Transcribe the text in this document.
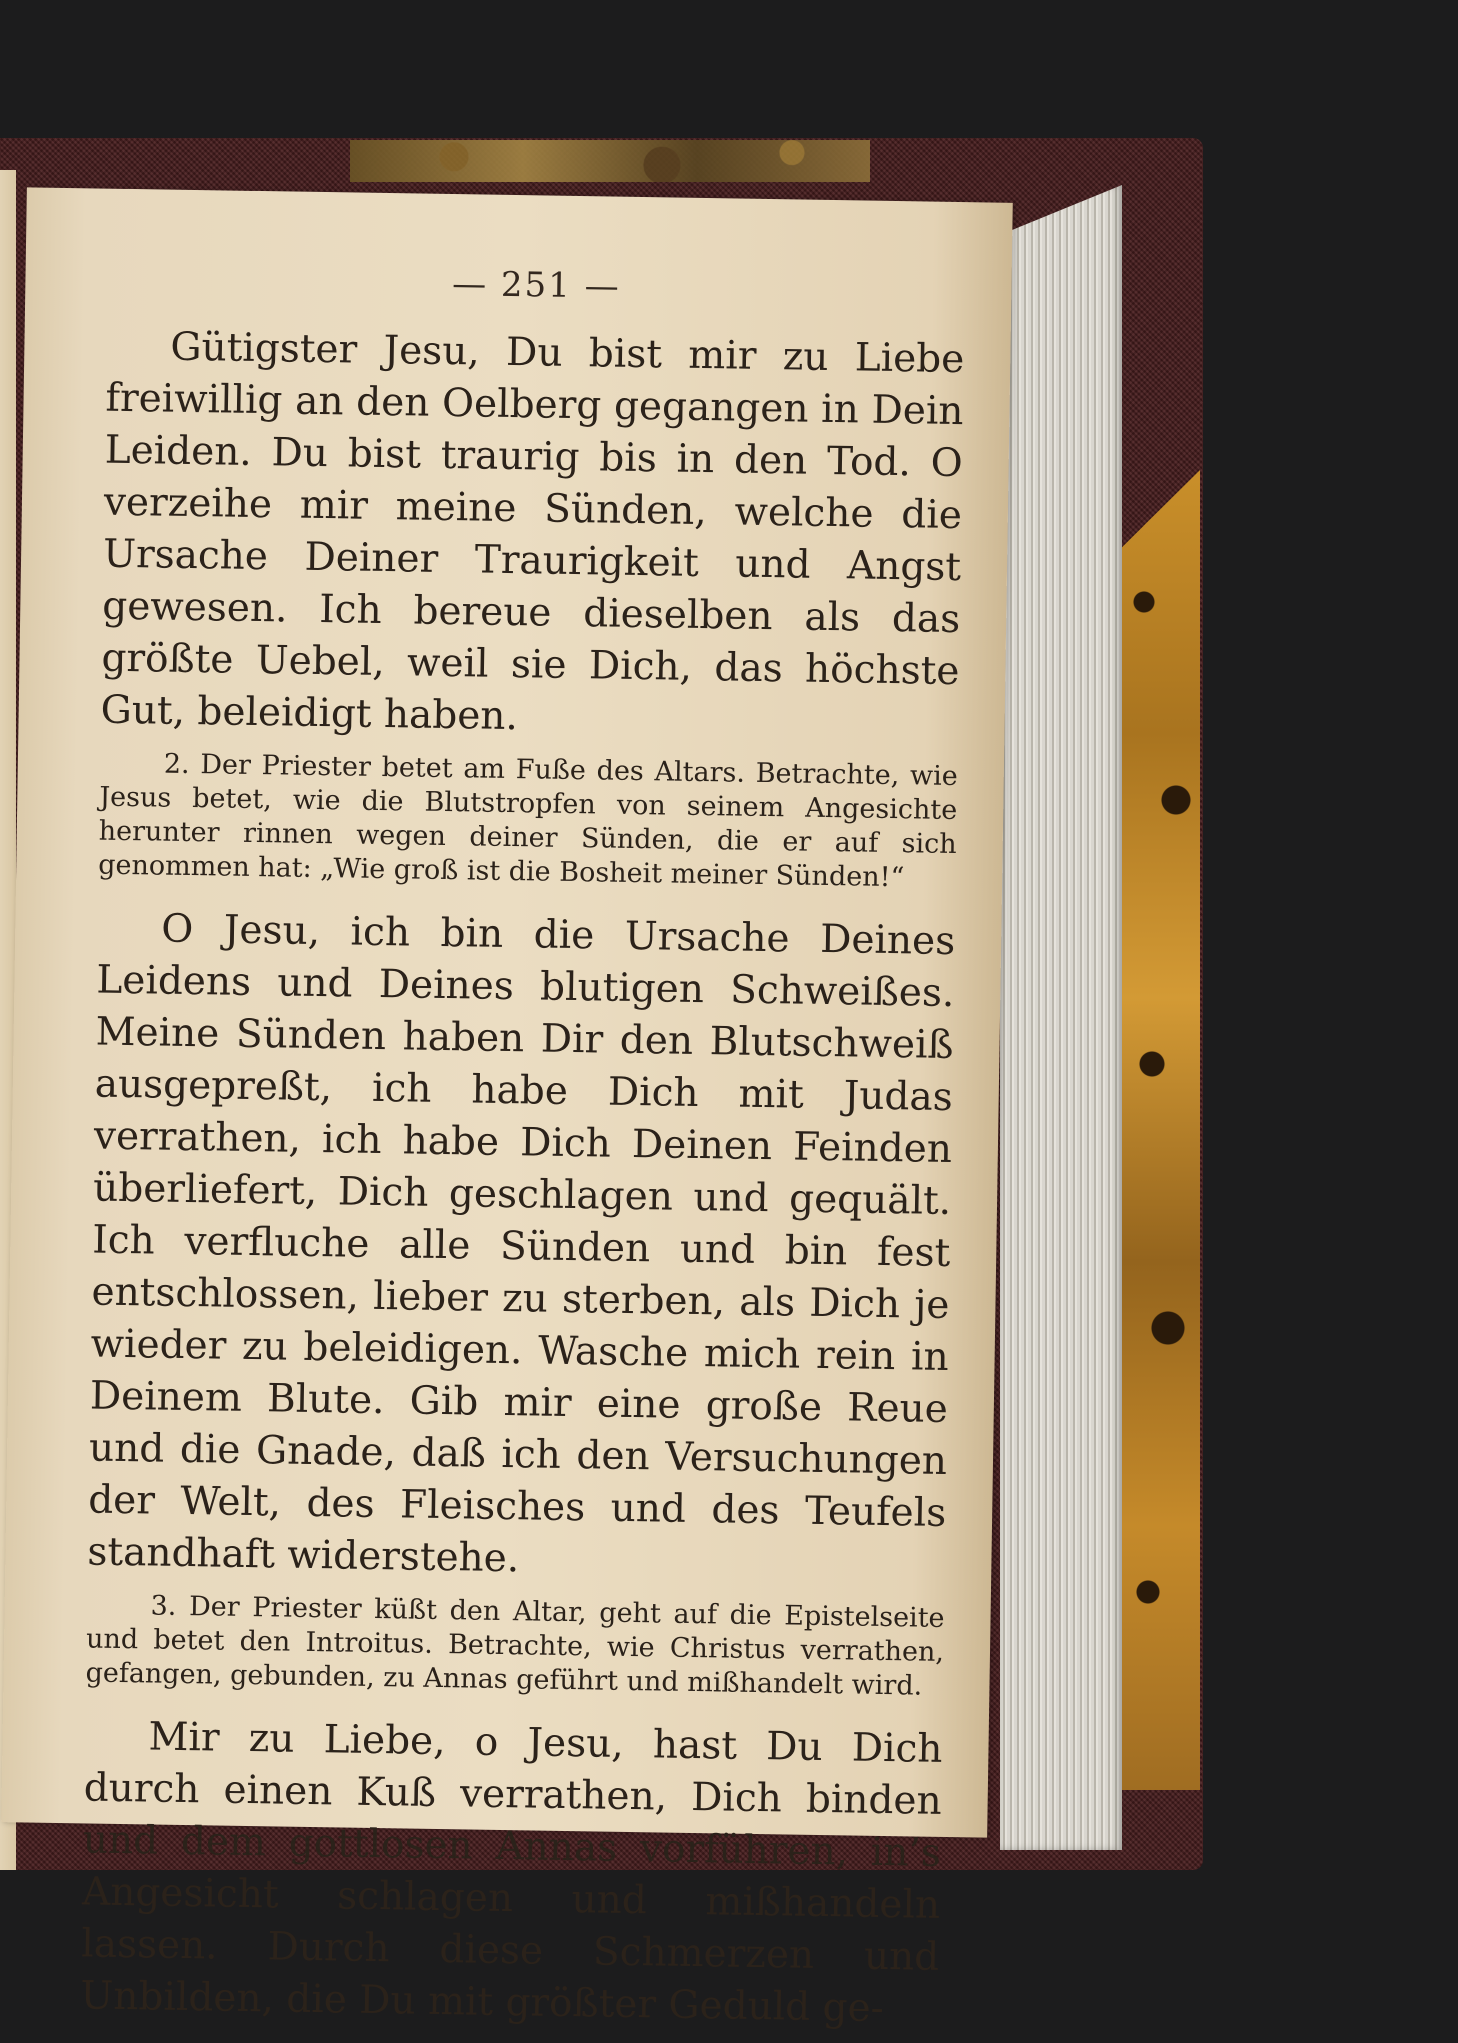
— 251 —

Gütigster Jesu, Du bist mir zu Liebe freiwillig an den Oelberg gegangen in Dein Leiden. Du bist traurig bis in den Tod. O verzeihe mir meine Sünden, welche die Ursache Deiner Traurigkeit und Angst gewesen. Ich bereue dieselben als das größte Uebel, weil sie Dich, das höchste Gut, beleidigt haben.

2. Der Priester betet am Fuße des Altars. Betrachte, wie Jesus betet, wie die Blutstropfen von seinem Angesichte herunter rinnen wegen deiner Sünden, die er auf sich genommen hat: „Wie groß ist die Bosheit meiner Sünden!“

O Jesu, ich bin die Ursache Deines Leidens und Deines blutigen Schweißes. Meine Sünden haben Dir den Blutschweiß ausgepreßt, ich habe Dich mit Judas verrathen, ich habe Dich Deinen Feinden überliefert, Dich geschlagen und gequält. Ich verfluche alle Sünden und bin fest entschlossen, lieber zu sterben, als Dich je wieder zu beleidigen. Wasche mich rein in Deinem Blute. Gib mir eine große Reue und die Gnade, daß ich den Versuchungen der Welt, des Fleisches und des Teufels standhaft widerstehe.

3. Der Priester küßt den Altar, geht auf die Epistelseite und betet den Introitus. Betrachte, wie Christus verrathen, gefangen, gebunden, zu Annas geführt und mißhandelt wird.

Mir zu Liebe, o Jesu, hast Du Dich durch einen Kuß verrathen, Dich binden und dem gottlosen Annas vorführen, in’s Angesicht schlagen und mißhandeln lassen. Durch diese Schmerzen und Unbilden, die Du mit größter Geduld ge-
